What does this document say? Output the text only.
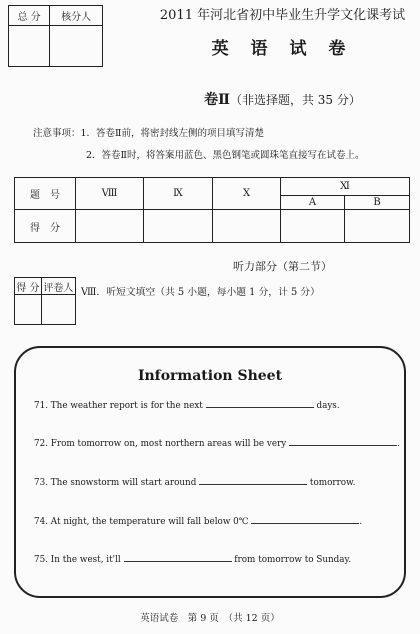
总 分	核分人
		2011 年河北省初中毕业生升学文化课考试
英 语 试 卷
卷Ⅱ（非选择题，共 35 分）
注意事项：1．答卷Ⅱ前，将密封线左侧的项目填写清楚
2．答卷Ⅱ时，将答案用蓝色、黑色钢笔或圆珠笔直接写在试卷上。
题　号	Ⅷ	Ⅸ	Ⅹ	Ⅺ	
				A	B
得　分					
听力部分（第二节）
得 分	评卷人
	Ⅷ．听短文填空（共 5 小题，每小题 1 分，计 5 分）
Information Sheet
71. The weather report is for the next	days.
72. From tomorrow on, most northern areas will be very	.
73. The snowstorm will start around	tomorrow.
74. At night, the temperature will fall below 0℃	.
75. In the west, it'll	from tomorrow to Sunday.
英语试卷　第 9 页　（共 12 页）
